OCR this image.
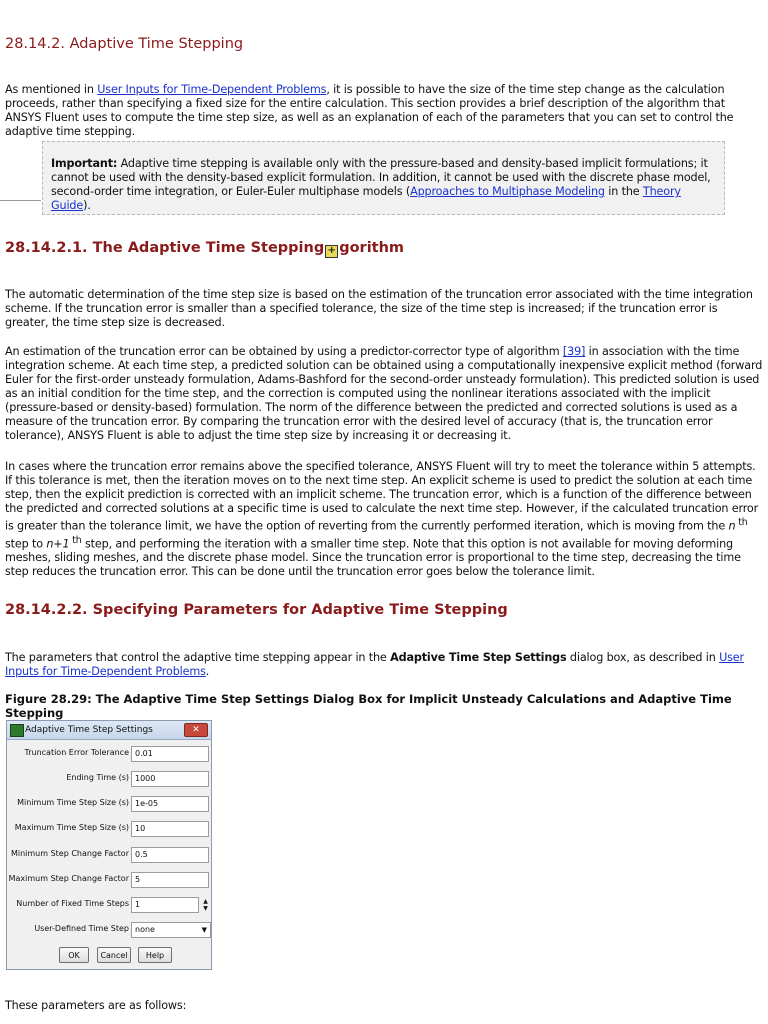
28.14.2. Adaptive Time Stepping

As mentioned in User Inputs for Time-Dependent Problems, it is possible to have the size of the time step change as the calculation proceeds, rather than specifying a fixed size for the entire calculation. This section provides a brief description of the algorithm that ANSYS Fluent uses to compute the time step size, as well as an explanation of each of the parameters that you can set to control the adaptive time stepping.

Important: Adaptive time stepping is available only with the pressure-based and density-based implicit formulations; it cannot be used with the density-based explicit formulation. In addition, it cannot be used with the discrete phase model, second-order time integration, or Euler-Euler multiphase models (Approaches to Multiphase Modeling in the Theory Guide).

28.14.2.1. The Adaptive Time Stepping + gorithm

The automatic determination of the time step size is based on the estimation of the truncation error associated with the time integration scheme. If the truncation error is smaller than a specified tolerance, the size of the time step is increased; if the truncation error is greater, the time step size is decreased.

An estimation of the truncation error can be obtained by using a predictor-corrector type of algorithm [39] in association with the time integration scheme. At each time step, a predicted solution can be obtained using a computationally inexpensive explicit method (forward Euler for the first-order unsteady formulation, Adams-Bashford for the second-order unsteady formulation). This predicted solution is used as an initial condition for the time step, and the correction is computed using the nonlinear iterations associated with the implicit (pressure-based or density-based) formulation. The norm of the difference between the predicted and corrected solutions is used as a measure of the truncation error. By comparing the truncation error with the desired level of accuracy (that is, the truncation error tolerance), ANSYS Fluent is able to adjust the time step size by increasing it or decreasing it.

In cases where the truncation error remains above the specified tolerance, ANSYS Fluent will try to meet the tolerance within 5 attempts. If this tolerance is met, then the iteration moves on to the next time step. An explicit scheme is used to predict the solution at each time step, then the explicit prediction is corrected with an implicit scheme. The truncation error, which is a function of the difference between the predicted and corrected solutions at a specific time is used to calculate the next time step. However, if the calculated truncation error is greater than the tolerance limit, we have the option of reverting from the currently performed iteration, which is moving from the n $^{th}$ step to n+1 $^{th}$ step, and performing the iteration with a smaller time step. Note that this option is not available for moving deforming meshes, sliding meshes, and the discrete phase model. Since the truncation error is proportional to the time step, decreasing the time step reduces the truncation error. This can be done until the truncation error goes below the tolerance limit.

28.14.2.2. Specifying Parameters for Adaptive Time Stepping

The parameters that control the adaptive time stepping appear in the Adaptive Time Step Settings dialog box, as described in User Inputs for Time-Dependent Problems.

Figure 28.29: The Adaptive Time Step Settings Dialog Box for Implicit Unsteady Calculations and Adaptive Time Stepping
Adaptive Time Step Settings	✕
Truncation Error Tolerance 0.01
Ending Time (s) 1000
Minimum Time Step Size (s) 1e-05
Maximum Time Step Size (s) 10
Minimum Step Change Factor 0.5
Maximum Step Change Factor 5
Number of Fixed Time Steps 1	▲
▼
User-Defined Time Step none	▼
OK	Cancel	Help

These parameters are as follows:
